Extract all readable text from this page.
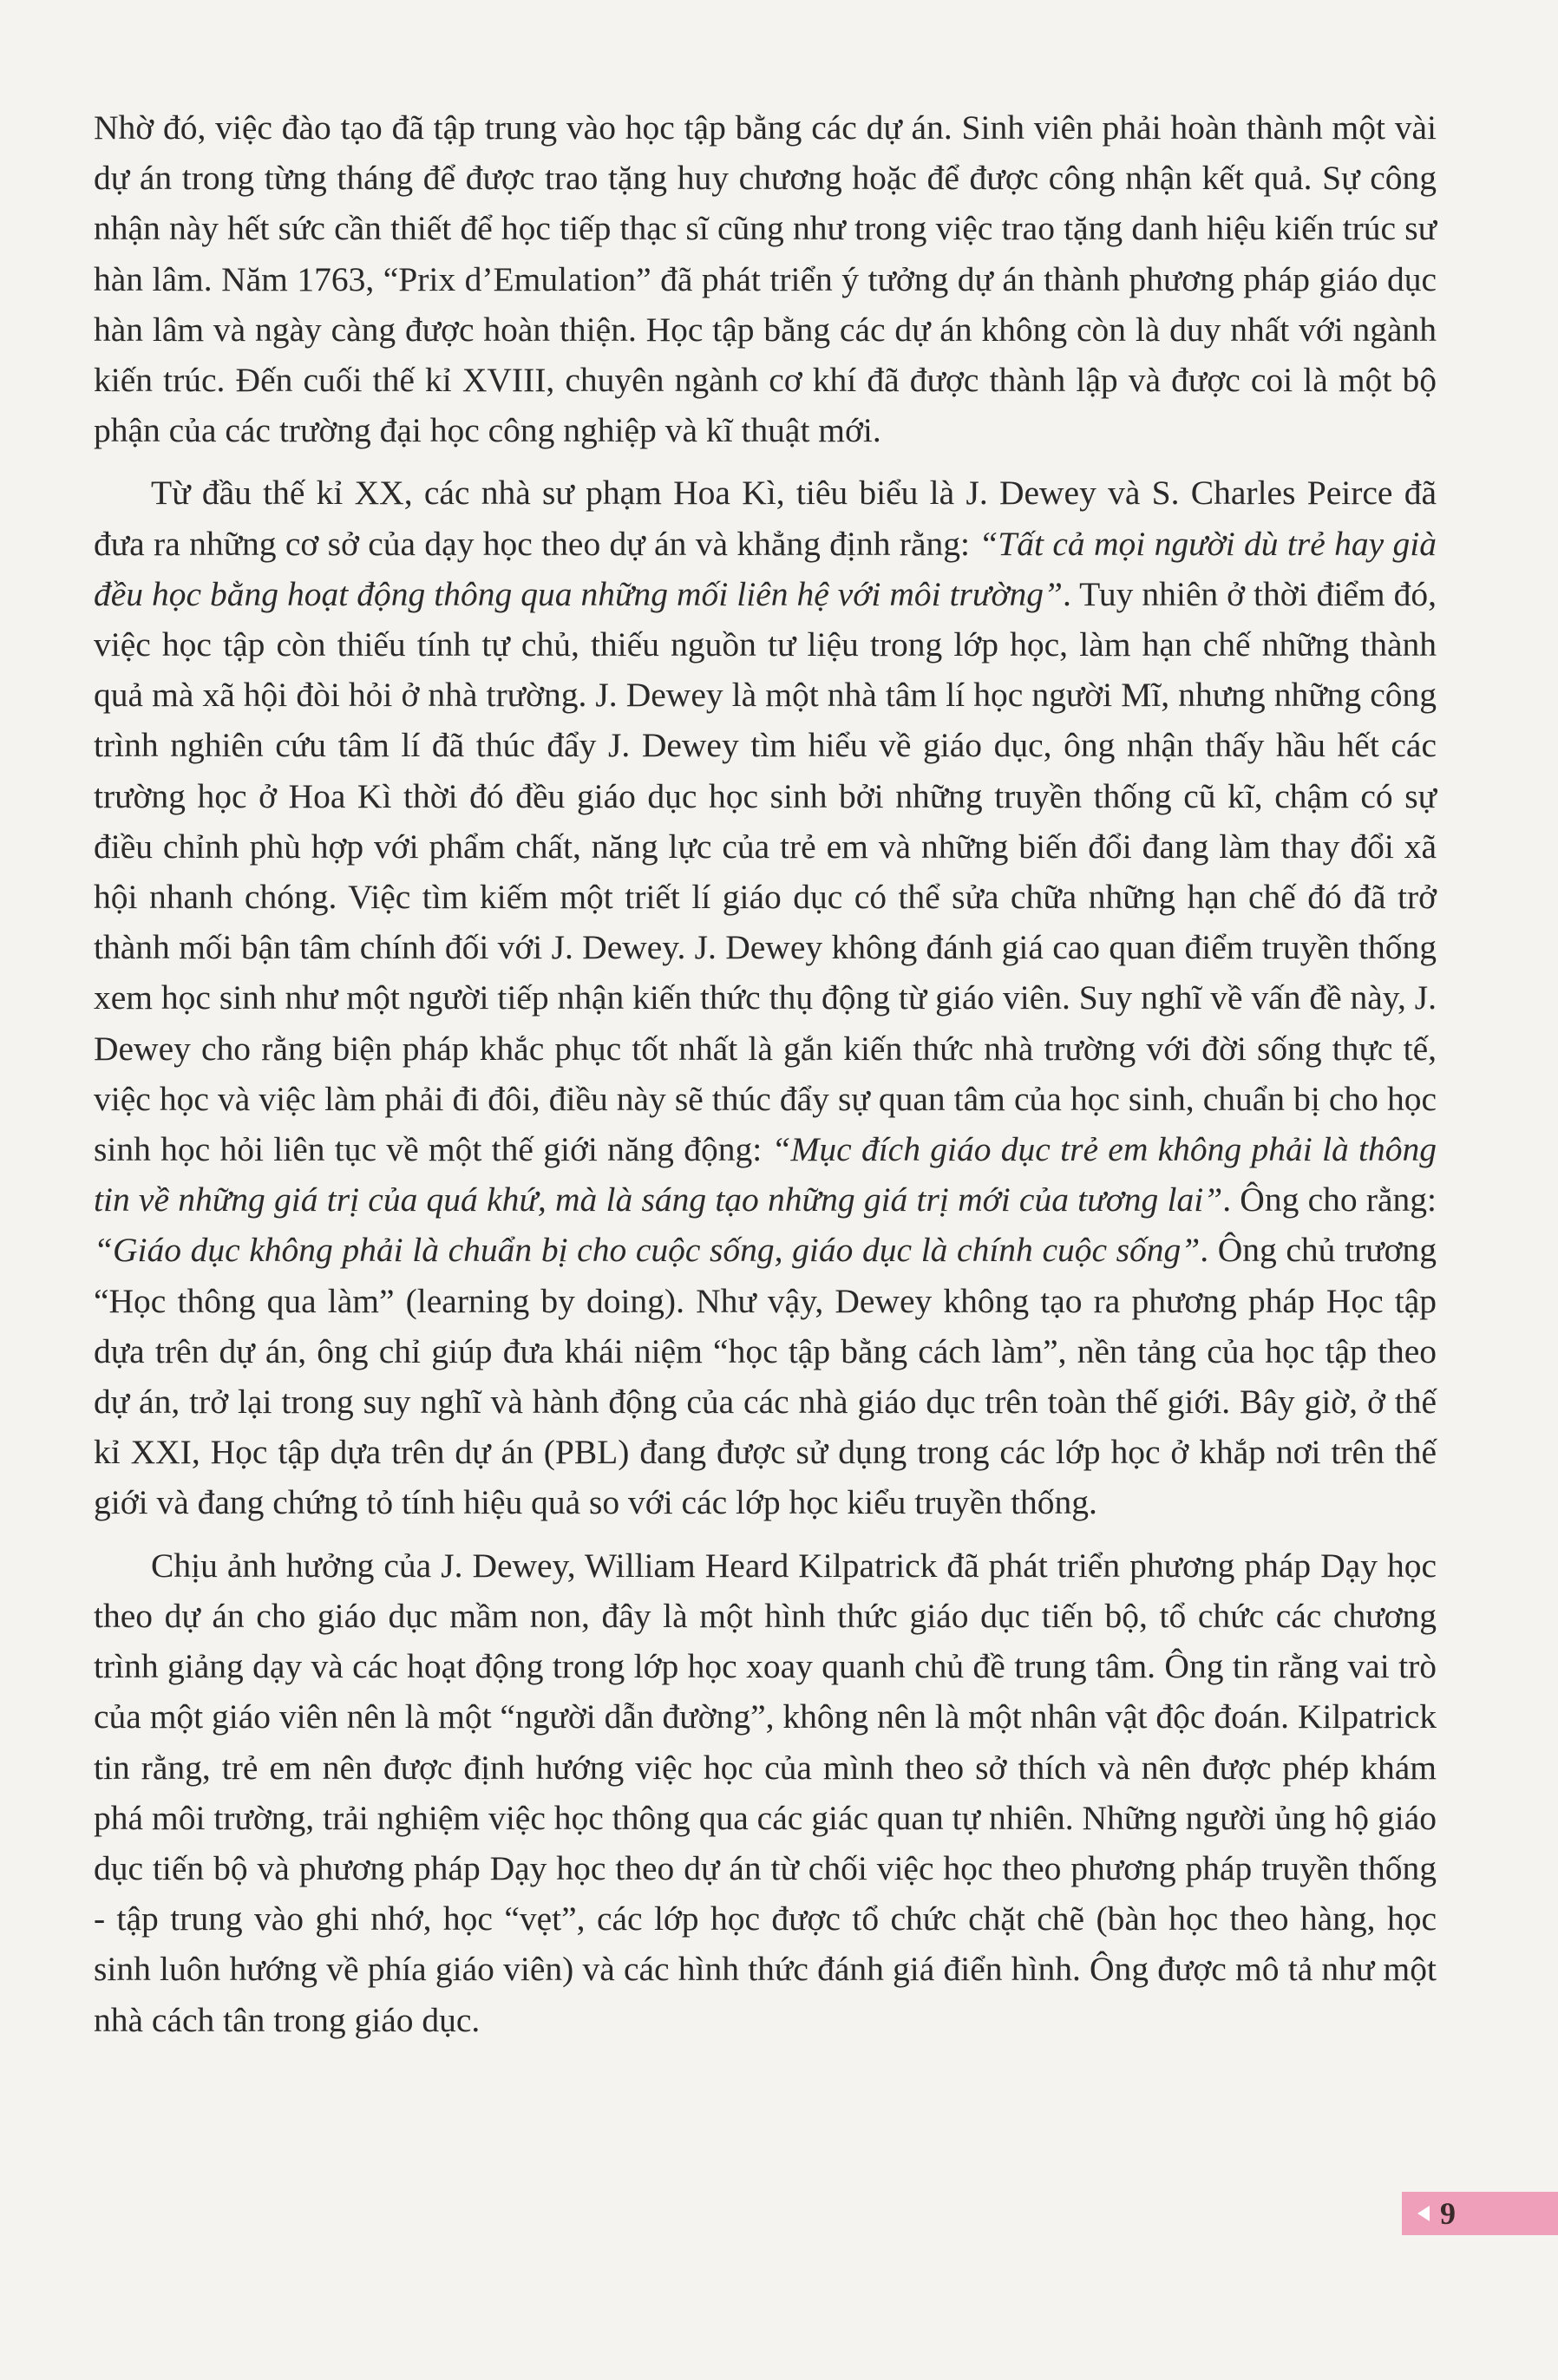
Nhờ đó, việc đào tạo đã tập trung vào học tập bằng các dự án. Sinh viên phải hoàn thành một vài dự án trong từng tháng để được trao tặng huy chương hoặc để được công nhận kết quả. Sự công nhận này hết sức cần thiết để học tiếp thạc sĩ cũng như trong việc trao tặng danh hiệu kiến trúc sư hàn lâm. Năm 1763, “Prix d’Emulation” đã phát triển ý tưởng dự án thành phương pháp giáo dục hàn lâm và ngày càng được hoàn thiện. Học tập bằng các dự án không còn là duy nhất với ngành kiến trúc. Đến cuối thế kỉ XVIII, chuyên ngành cơ khí đã được thành lập và được coi là một bộ phận của các trường đại học công nghiệp và kĩ thuật mới.

Từ đầu thế kỉ XX, các nhà sư phạm Hoa Kì, tiêu biểu là J. Dewey và S. Charles Peirce đã đưa ra những cơ sở của dạy học theo dự án và khẳng định rằng: “Tất cả mọi người dù trẻ hay già đều học bằng hoạt động thông qua những mối liên hệ với môi trường”. Tuy nhiên ở thời điểm đó, việc học tập còn thiếu tính tự chủ, thiếu nguồn tư liệu trong lớp học, làm hạn chế những thành quả mà xã hội đòi hỏi ở nhà trường. J. Dewey là một nhà tâm lí học người Mĩ, nhưng những công trình nghiên cứu tâm lí đã thúc đẩy J. Dewey tìm hiểu về giáo dục, ông nhận thấy hầu hết các trường học ở Hoa Kì thời đó đều giáo dục học sinh bởi những truyền thống cũ kĩ, chậm có sự điều chỉnh phù hợp với phẩm chất, năng lực của trẻ em và những biến đổi đang làm thay đổi xã hội nhanh chóng. Việc tìm kiếm một triết lí giáo dục có thể sửa chữa những hạn chế đó đã trở thành mối bận tâm chính đối với J. Dewey. J. Dewey không đánh giá cao quan điểm truyền thống xem học sinh như một người tiếp nhận kiến thức thụ động từ giáo viên. Suy nghĩ về vấn đề này, J. Dewey cho rằng biện pháp khắc phục tốt nhất là gắn kiến thức nhà trường với đời sống thực tế, việc học và việc làm phải đi đôi, điều này sẽ thúc đẩy sự quan tâm của học sinh, chuẩn bị cho học sinh học hỏi liên tục về một thế giới năng động: “Mục đích giáo dục trẻ em không phải là thông tin về những giá trị của quá khứ, mà là sáng tạo những giá trị mới của tương lai”. Ông cho rằng: “Giáo dục không phải là chuẩn bị cho cuộc sống, giáo dục là chính cuộc sống”. Ông chủ trương “Học thông qua làm” (learning by doing). Như vậy, Dewey không tạo ra phương pháp Học tập dựa trên dự án, ông chỉ giúp đưa khái niệm “học tập bằng cách làm”, nền tảng của học tập theo dự án, trở lại trong suy nghĩ và hành động của các nhà giáo dục trên toàn thế giới. Bây giờ, ở thế kỉ XXI, Học tập dựa trên dự án (PBL) đang được sử dụng trong các lớp học ở khắp nơi trên thế giới và đang chứng tỏ tính hiệu quả so với các lớp học kiểu truyền thống.

Chịu ảnh hưởng của J. Dewey, William Heard Kilpatrick đã phát triển phương pháp Dạy học theo dự án cho giáo dục mầm non, đây là một hình thức giáo dục tiến bộ, tổ chức các chương trình giảng dạy và các hoạt động trong lớp học xoay quanh chủ đề trung tâm. Ông tin rằng vai trò của một giáo viên nên là một “người dẫn đường”, không nên là một nhân vật độc đoán. Kilpatrick tin rằng, trẻ em nên được định hướng việc học của mình theo sở thích và nên được phép khám phá môi trường, trải nghiệm việc học thông qua các giác quan tự nhiên. Những người ủng hộ giáo dục tiến bộ và phương pháp Dạy học theo dự án từ chối việc học theo phương pháp truyền thống - tập trung vào ghi nhớ, học “vẹt”, các lớp học được tổ chức chặt chẽ (bàn học theo hàng, học sinh luôn hướng về phía giáo viên) và các hình thức đánh giá điển hình. Ông được mô tả như một nhà cách tân trong giáo dục.

9
